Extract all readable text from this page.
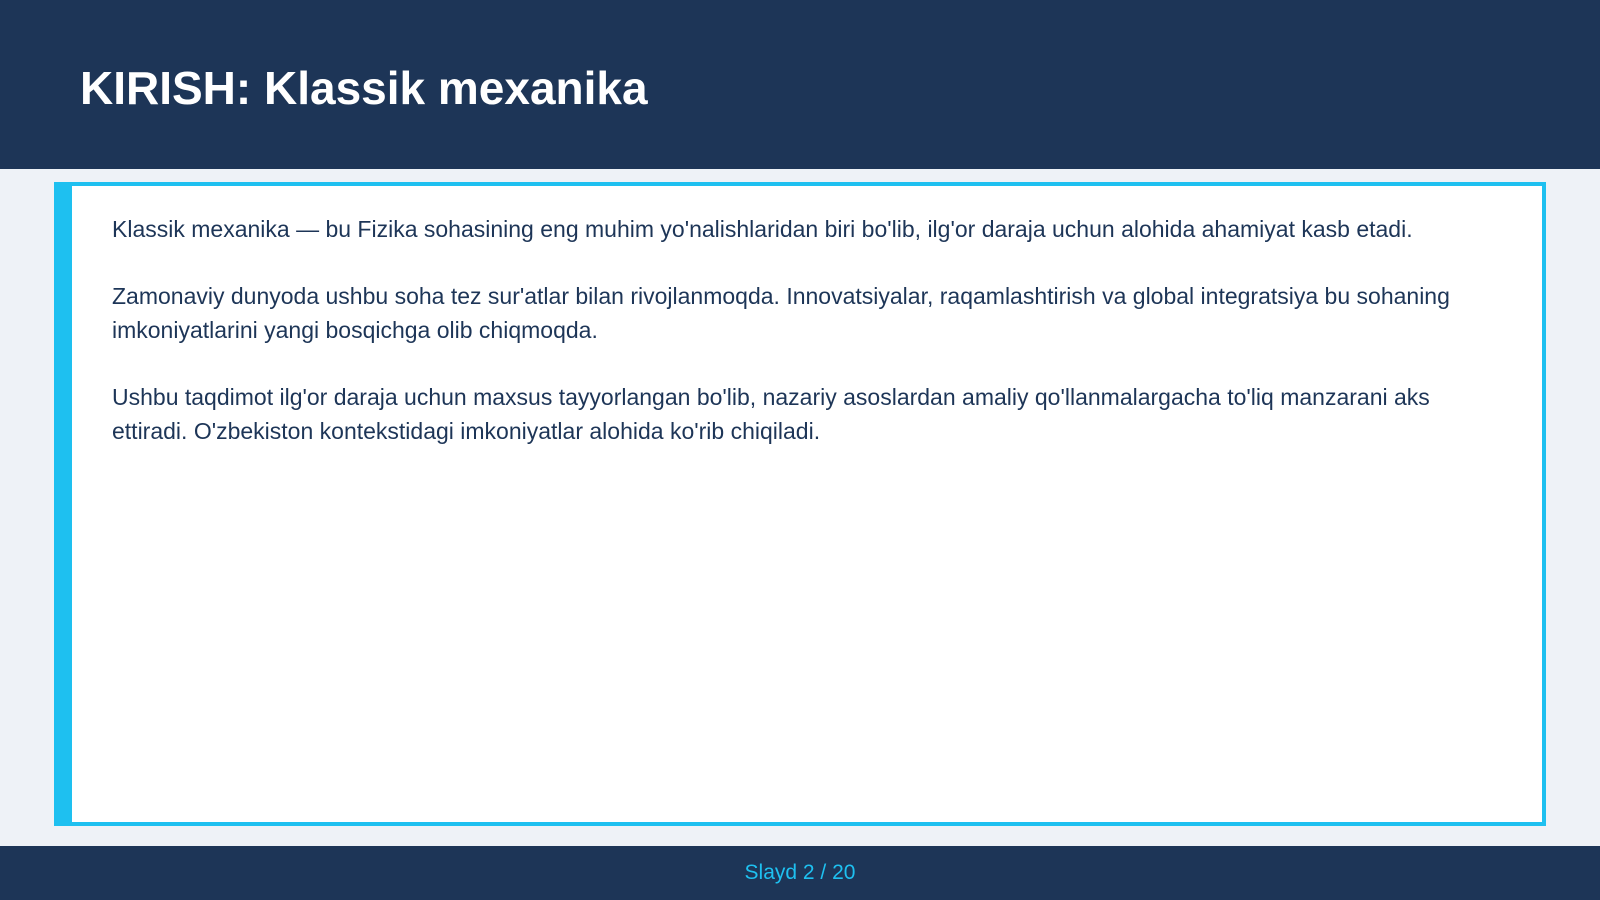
KIRISH: Klassik mexanika

Klassik mexanika — bu Fizika sohasining eng muhim yo'nalishlaridan biri bo'lib, ilg'or daraja uchun alohida ahamiyat kasb etadi.

Zamonaviy dunyoda ushbu soha tez sur'atlar bilan rivojlanmoqda. Innovatsiyalar, raqamlashtirish va global integratsiya bu sohaning imkoniyatlarini yangi bosqichga olib chiqmoqda.

Ushbu taqdimot ilg'or daraja uchun maxsus tayyorlangan bo'lib, nazariy asoslardan amaliy qo'llanmalargacha to'liq manzarani aks ettiradi. O'zbekiston kontekstidagi imkoniyatlar alohida ko'rib chiqiladi.

Slayd 2 / 20
